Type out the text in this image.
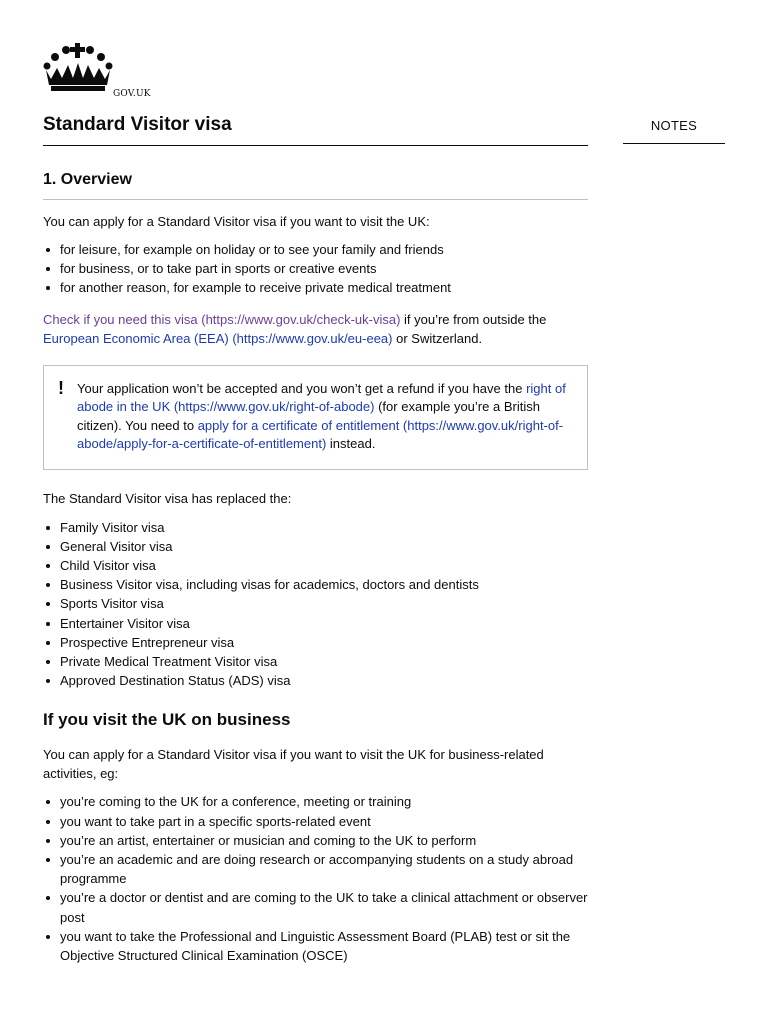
GOV.UK
NOTES
Standard Visitor visa
1. Overview

You can apply for a Standard Visitor visa if you want to visit the UK:

for leisure, for example on holiday or to see your family and friends
for business, or to take part in sports or creative events
for another reason, for example to receive private medical treatment

Check if you need this visa (https://www.gov.uk/check-uk-visa) if you’re from outside the European Economic Area (EEA) (https://www.gov.uk/eu-eea) or Switzerland.

! Your application won’t be accepted and you won’t get a refund if you have the right of abode in the UK (https://www.gov.uk/right-of-abode) (for example you’re a British citizen). You need to apply for a certificate of entitlement (https://www.gov.uk/right-of-abode/apply-for-a-certificate-of-entitlement) instead.

The Standard Visitor visa has replaced the:

Family Visitor visa
General Visitor visa
Child Visitor visa
Business Visitor visa, including visas for academics, doctors and dentists
Sports Visitor visa
Entertainer Visitor visa
Prospective Entrepreneur visa
Private Medical Treatment Visitor visa
Approved Destination Status (ADS) visa
If you visit the UK on business

You can apply for a Standard Visitor visa if you want to visit the UK for business-related activities, eg:

you’re coming to the UK for a conference, meeting or training
you want to take part in a specific sports-related event
you’re an artist, entertainer or musician and coming to the UK to perform
you’re an academic and are doing research or accompanying students on a study abroad programme
you’re a doctor or dentist and are coming to the UK to take a clinical attachment or observer post
you want to take the Professional and Linguistic Assessment Board (PLAB) test or sit the Objective Structured Clinical Examination (OSCE)
